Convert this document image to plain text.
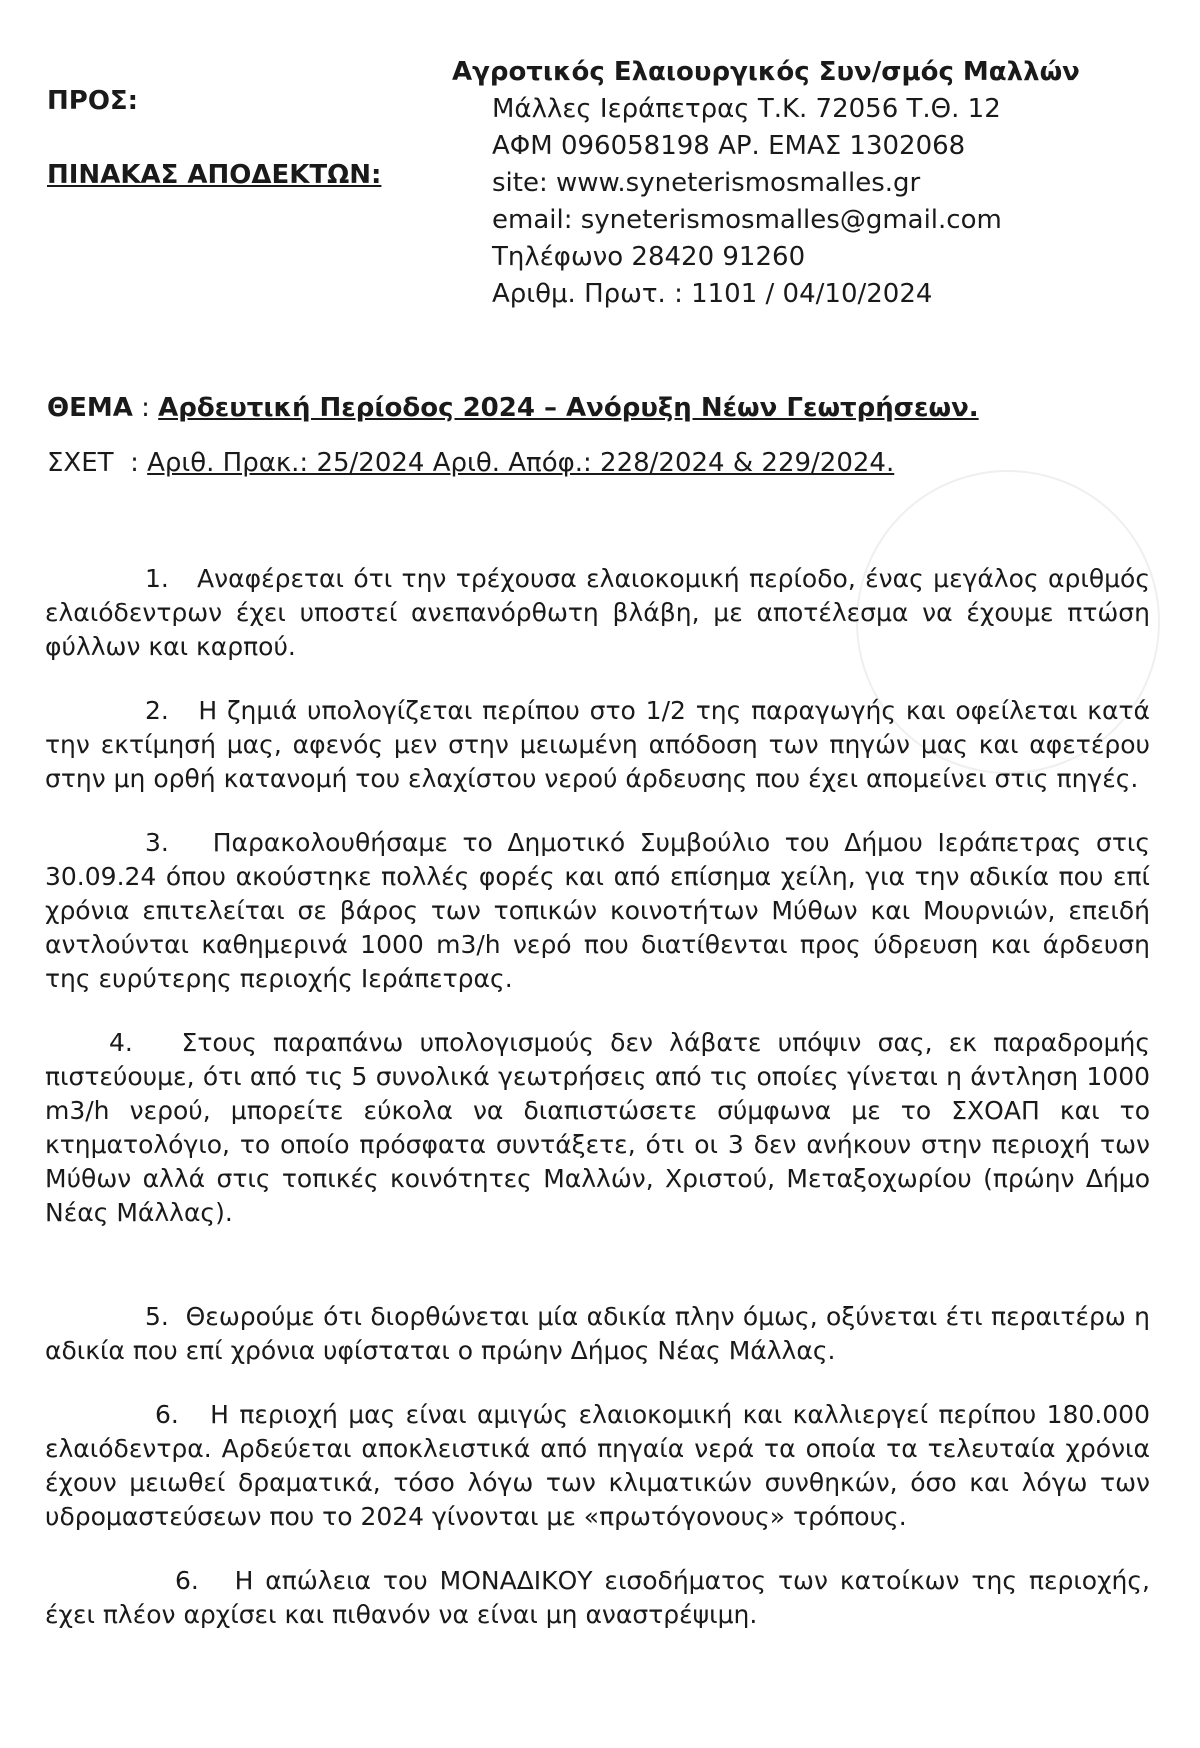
ΠΡΟΣ:
ΠΙΝΑΚΑΣ ΑΠΟΔΕΚΤΩΝ:
Αγροτικός Ελαιουργικός Συν/σμός Μαλλών
Μάλλες Ιεράπετρας Τ.Κ. 72056 Τ.Θ. 12
ΑΦΜ 096058198 ΑΡ. ΕΜΑΣ 1302068
site: www.syneterismosmalles.gr
email: syneterismosmalles@gmail.com
Τηλέφωνο 28420 91260
Αριθμ. Πρωτ. : 1101 / 04/10/2024
ΘΕΜΑ : Αρδευτική Περίοδος 2024 – Ανόρυξη Νέων Γεωτρήσεων.
ΣΧΕΤ  : Αριθ. Πρακ.: 25/2024 Αριθ. Απόφ.: 228/2024 & 229/2024.

1. Αναφέρεται ότι την τρέχουσα ελαιοκομική περίοδο, ένας μεγάλος αριθμός ελαιόδεντρων έχει υποστεί ανεπανόρθωτη βλάβη, με αποτέλεσμα να έχουμε πτώση φύλλων και καρπού.

2. Η ζημιά υπολογίζεται περίπου στο 1/2 της παραγωγής και οφείλεται κατά την εκτίμησή μας, αφενός μεν στην μειωμένη απόδοση των πηγών μας και αφετέρου στην μη ορθή κατανομή του ελαχίστου νερού άρδευσης που έχει απομείνει στις πηγές.

3. Παρακολουθήσαμε το Δημοτικό Συμβούλιο του Δήμου Ιεράπετρας στις 30.09.24 όπου ακούστηκε πολλές φορές και από επίσημα χείλη, για την αδικία που επί χρόνια επιτελείται σε βάρος των τοπικών κοινοτήτων Μύθων και Μουρνιών, επειδή αντλούνται καθημερινά 1000 m3/h νερό που διατίθενται προς ύδρευση και άρδευση της ευρύτερης περιοχής Ιεράπετρας.

4. Στους παραπάνω υπολογισμούς δεν λάβατε υπόψιν σας, εκ παραδρομής πιστεύουμε, ότι από τις 5 συνολικά γεωτρήσεις από τις οποίες γίνεται η άντληση 1000 m3/h νερού, μπορείτε εύκολα να διαπιστώσετε σύμφωνα με το ΣΧΟΑΠ και το κτηματολόγιο, το οποίο πρόσφατα συντάξετε, ότι οι 3 δεν ανήκουν στην περιοχή των Μύθων αλλά στις τοπικές κοινότητες Μαλλών, Χριστού, Μεταξοχωρίου (πρώην Δήμο Νέας Μάλλας).

5. Θεωρούμε ότι διορθώνεται μία αδικία πλην όμως, οξύνεται έτι περαιτέρω η αδικία που επί χρόνια υφίσταται ο πρώην Δήμος Νέας Μάλλας.

6. Η περιοχή μας είναι αμιγώς ελαιοκομική και καλλιεργεί περίπου 180.000 ελαιόδεντρα. Αρδεύεται αποκλειστικά από πηγαία νερά τα οποία τα τελευταία χρόνια έχουν μειωθεί δραματικά, τόσο λόγω των κλιματικών συνθηκών, όσο και λόγω των υδρομαστεύσεων που το 2024 γίνονται με «πρωτόγονους» τρόπους.

6. Η απώλεια του ΜΟΝΑΔΙΚΟΥ εισοδήματος των κατοίκων της περιοχής, έχει πλέον αρχίσει και πιθανόν να είναι μη αναστρέψιμη.
